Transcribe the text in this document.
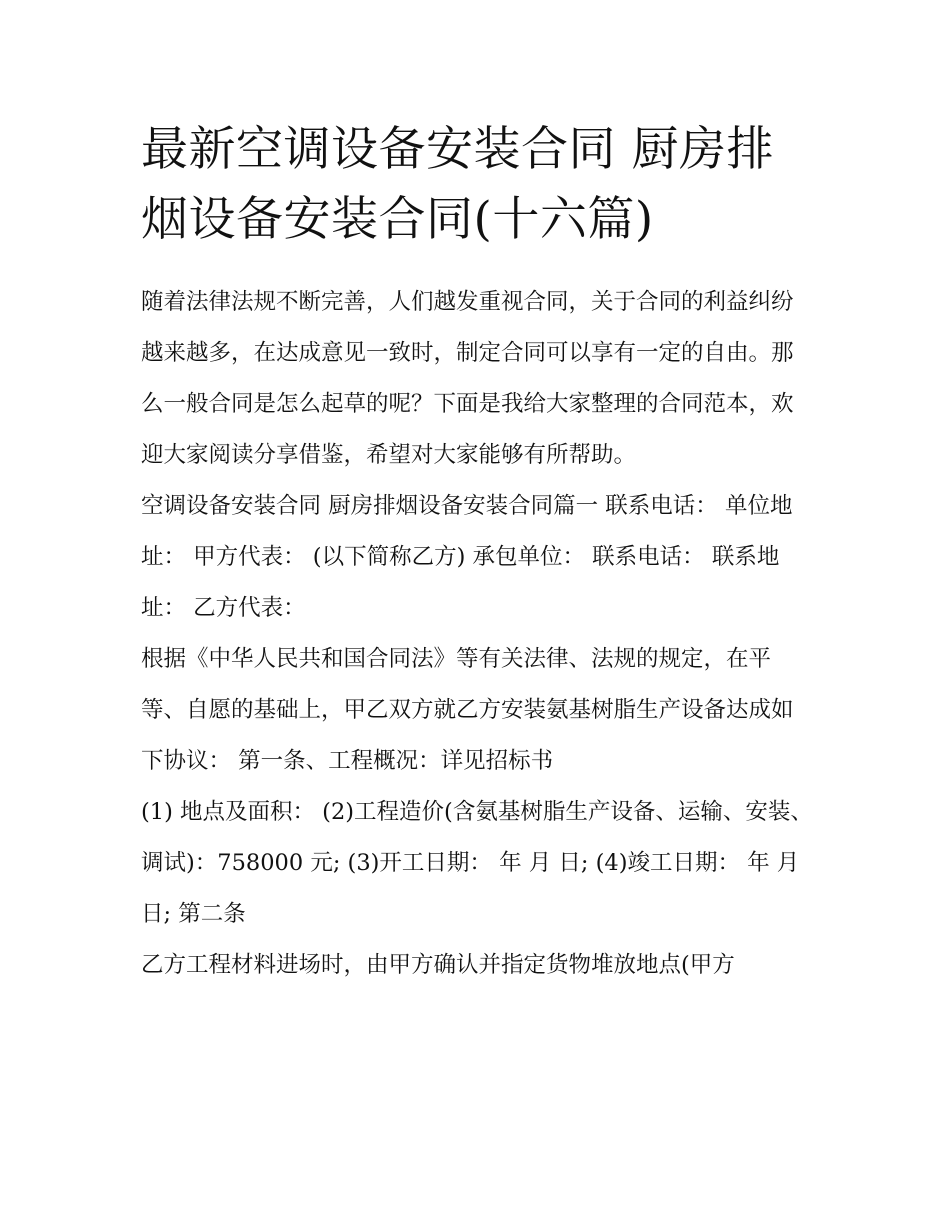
最新空调设备安装合同 厨房排烟设备安装合同(十六篇)

随着法律法规不断完善，人们越发重视合同，关于合同的利益纠纷越来越多，在达成意见一致时，制定合同可以享有一定的自由。那么一般合同是怎么起草的呢？下面是我给大家整理的合同范本，欢迎大家阅读分享借鉴，希望对大家能够有所帮助。

空调设备安装合同 厨房排烟设备安装合同篇一 联系电话： 单位地址： 甲方代表： (以下简称乙方) 承包单位： 联系电话： 联系地址： 乙方代表：

根据《中华人民共和国合同法》等有关法律、法规的规定，在平等、自愿的基础上，甲乙双方就乙方安装氨基树脂生产设备达成如下协议： 第一条、工程概况：详见招标书

(1) 地点及面积： (2)工程造价(含氨基树脂生产设备、运输、安装、调试)：758000 元; (3)开工日期： 年 月 日; (4)竣工日期： 年 月

日; 第二条

乙方工程材料进场时，由甲方确认并指定货物堆放地点(甲方
